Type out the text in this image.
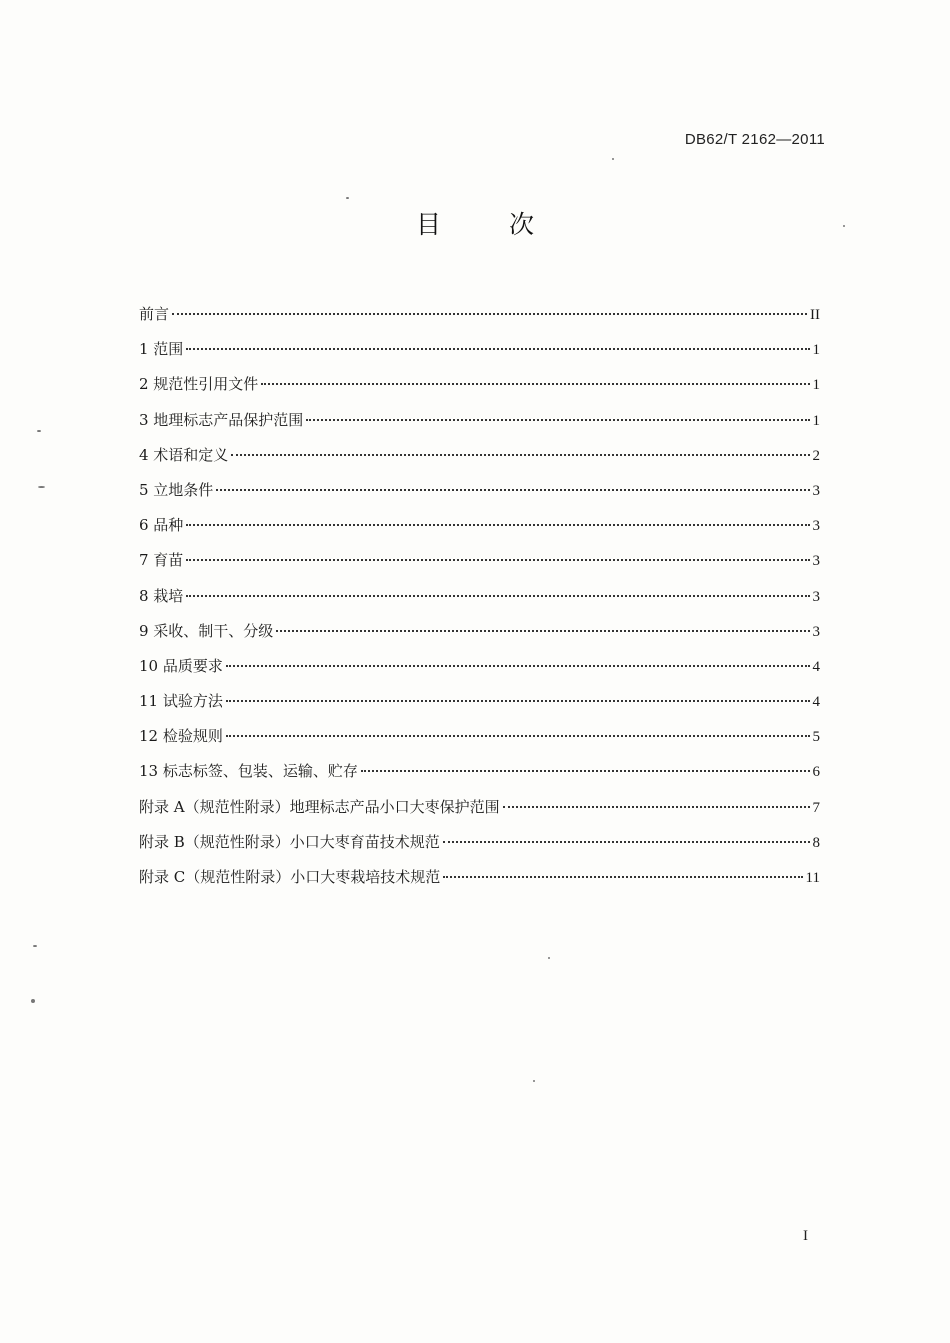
DB62/T 2162—2011
目 次
前言	II
1 范围	1
2 规范性引用文件	1
3 地理标志产品保护范围	1
4 术语和定义	2
5 立地条件	3
6 品种	3
7 育苗	3
8 栽培	3
9 采收、制干、分级	3
10 品质要求	4
11 试验方法	4
12 检验规则	5
13 标志标签、包装、运输、贮存	6
附录 A（规范性附录）地理标志产品小口大枣保护范围	7
附录 B（规范性附录）小口大枣育苗技术规范	8
附录 C（规范性附录）小口大枣栽培技术规范	11
I
